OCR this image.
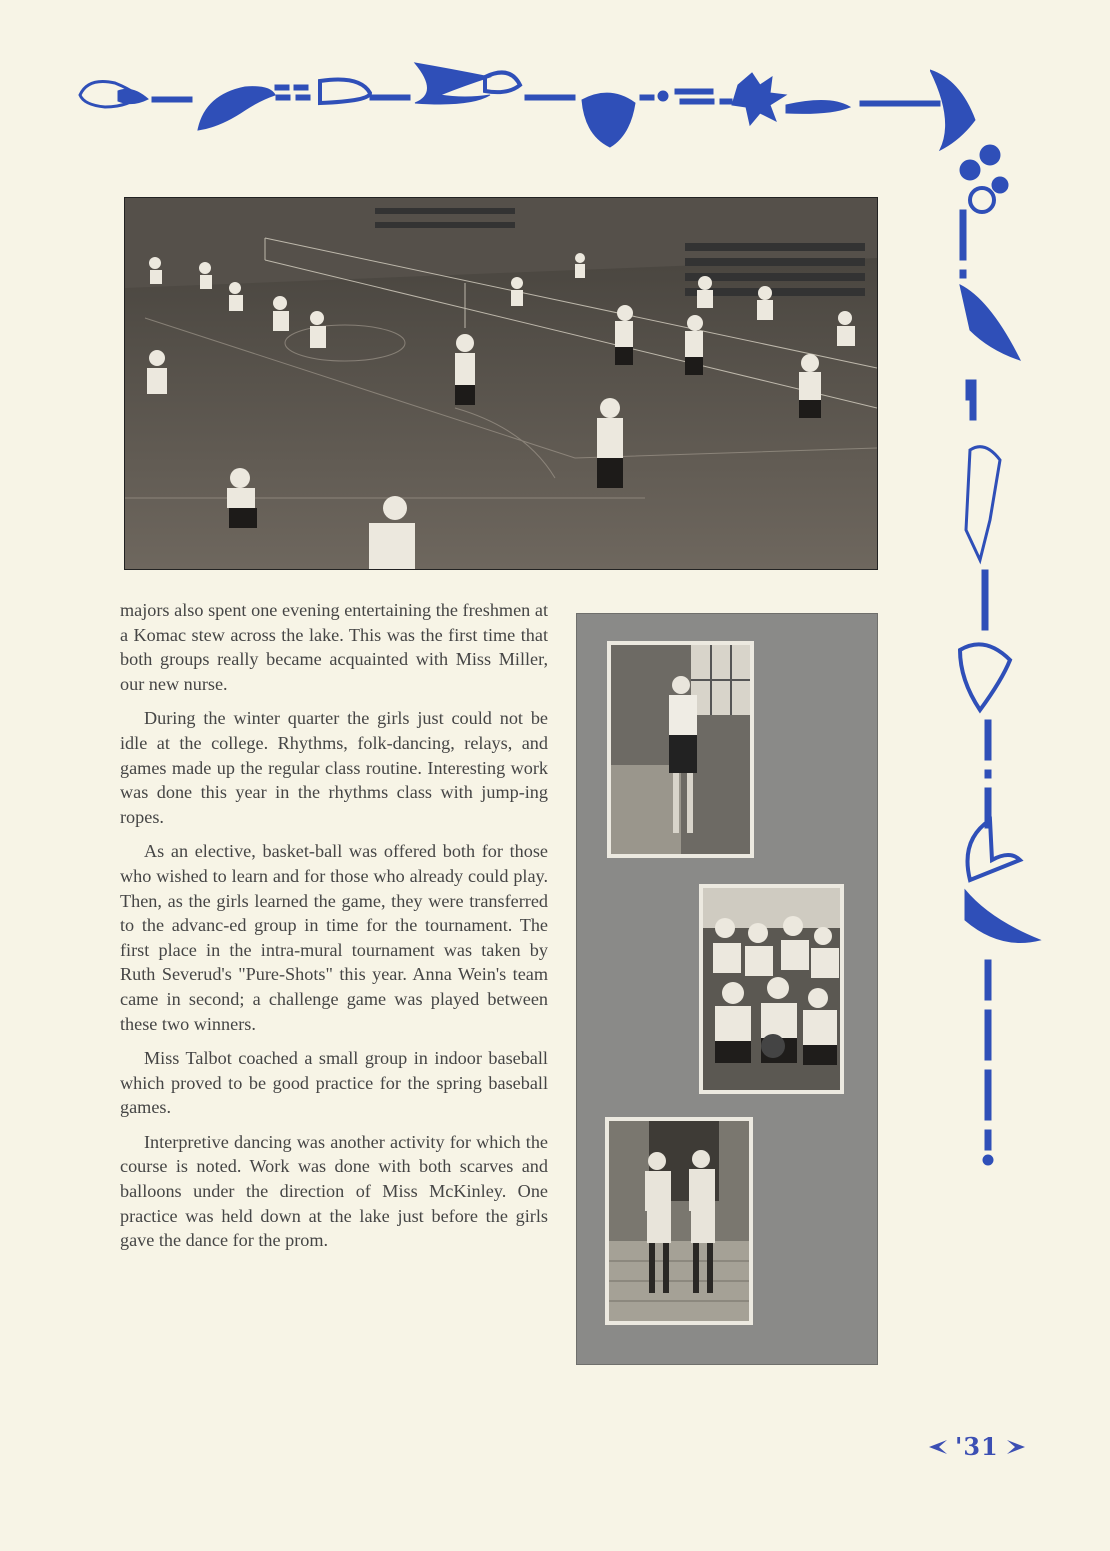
majors also spent one evening entertaining the freshmen at a Komac stew across the lake. This was the first time that both groups really became acquainted with Miss Miller, our new nurse.

During the winter quarter the girls just could not be idle at the college. Rhythms, folk-dancing, relays, and games made up the regular class routine. Interesting work was done this year in the rhythms class with jump-ing ropes.

As an elective, basket-ball was offered both for those who wished to learn and for those who already could play. Then, as the girls learned the game, they were transferred to the advanc-ed group in time for the tournament. The first place in the intra-mural tournament was taken by Ruth Severud's "Pure-Shots" this year. Anna Wein's team came in second; a challenge game was played between these two winners.

Miss Talbot coached a small group in indoor baseball which proved to be good practice for the spring baseball games.

Interpretive dancing was another activity for which the course is noted. Work was done with both scarves and balloons under the direction of Miss McKinley. One practice was held down at the lake just before the girls gave the dance for the prom.

'31
